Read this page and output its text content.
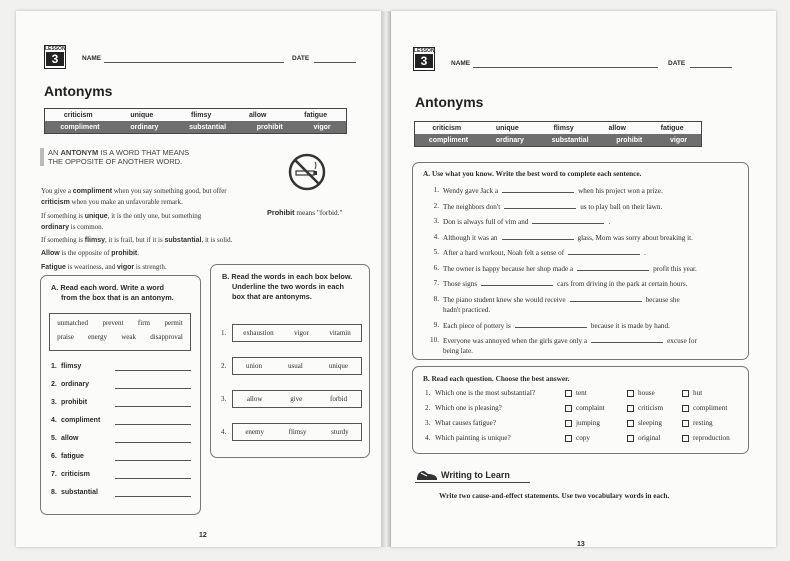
LESSON
3	NAME	DATE
Antonyms
criticism	unique	flimsy	allow	fatigue
compliment	ordinary	substantial	prohibit	vigor
AN ANTONYM IS A WORD THAT MEANS
THE OPPOSITE OF ANOTHER WORD.
Prohibit means "forbid."
You give a compliment when you say something good, but offer
criticism when you make an unfavorable remark.
If something is unique, it is the only one, but something
ordinary is common.
If something is flimsy, it is frail, but if it is substantial, it is solid.
Allow is the opposite of prohibit.
Fatigue is weariness, and vigor is strength.
A. Read each word. Write a word
from the box that is an antonym.
unmatched prevent firm permit
praise energy weak disapproval
1. flimsy
2. ordinary
3. prohibit
4. compliment
5. allow
6. fatigue
7. criticism
8. substantial
B. Read the words in each box below.
Underline the two words in each
box that are antonyms.
1. exhaustion	vigor	vitamin
2.	union	usual	unique
3.	allow	give	forbid
4.	enemy	flimsy	sturdy
12
LESSON
3	NAME	DATE
Antonyms
criticism	unique	flimsy	allow	fatigue
compliment	ordinary	substantial	prohibit	vigor
A. Use what you know. Write the best word to complete each sentence.
1. Wendy gave Jack a	when his project won a prize.
2. The neighbors don't	us to play ball on their lawn.
3. Don is always full of vim and	.
4. Although it was an	glass, Mom was sorry about breaking it.
5. After a hard workout, Noah felt a sense of	.
6. The owner is happy because her shop made a	profit this year.
7. Those signs	cars from driving in the park at certain hours.
8. The piano student knew she would receive	because she
hadn't practiced.
9. Each piece of pottery is	because it is made by hand.
10. Everyone was annoyed when the girls gave only a	excuse for
being late.
B. Read each question. Choose the best answer.
1. Which one is the most substantial?	tent	house	hut
2. Which one is pleasing?	complaint	criticism	compliment
3. What causes fatigue?	jumping	sleeping	resting
4. Which painting is unique?	copy	original	reproduction
Writing to Learn
Write two cause-and-effect statements. Use two vocabulary words in each.
13
